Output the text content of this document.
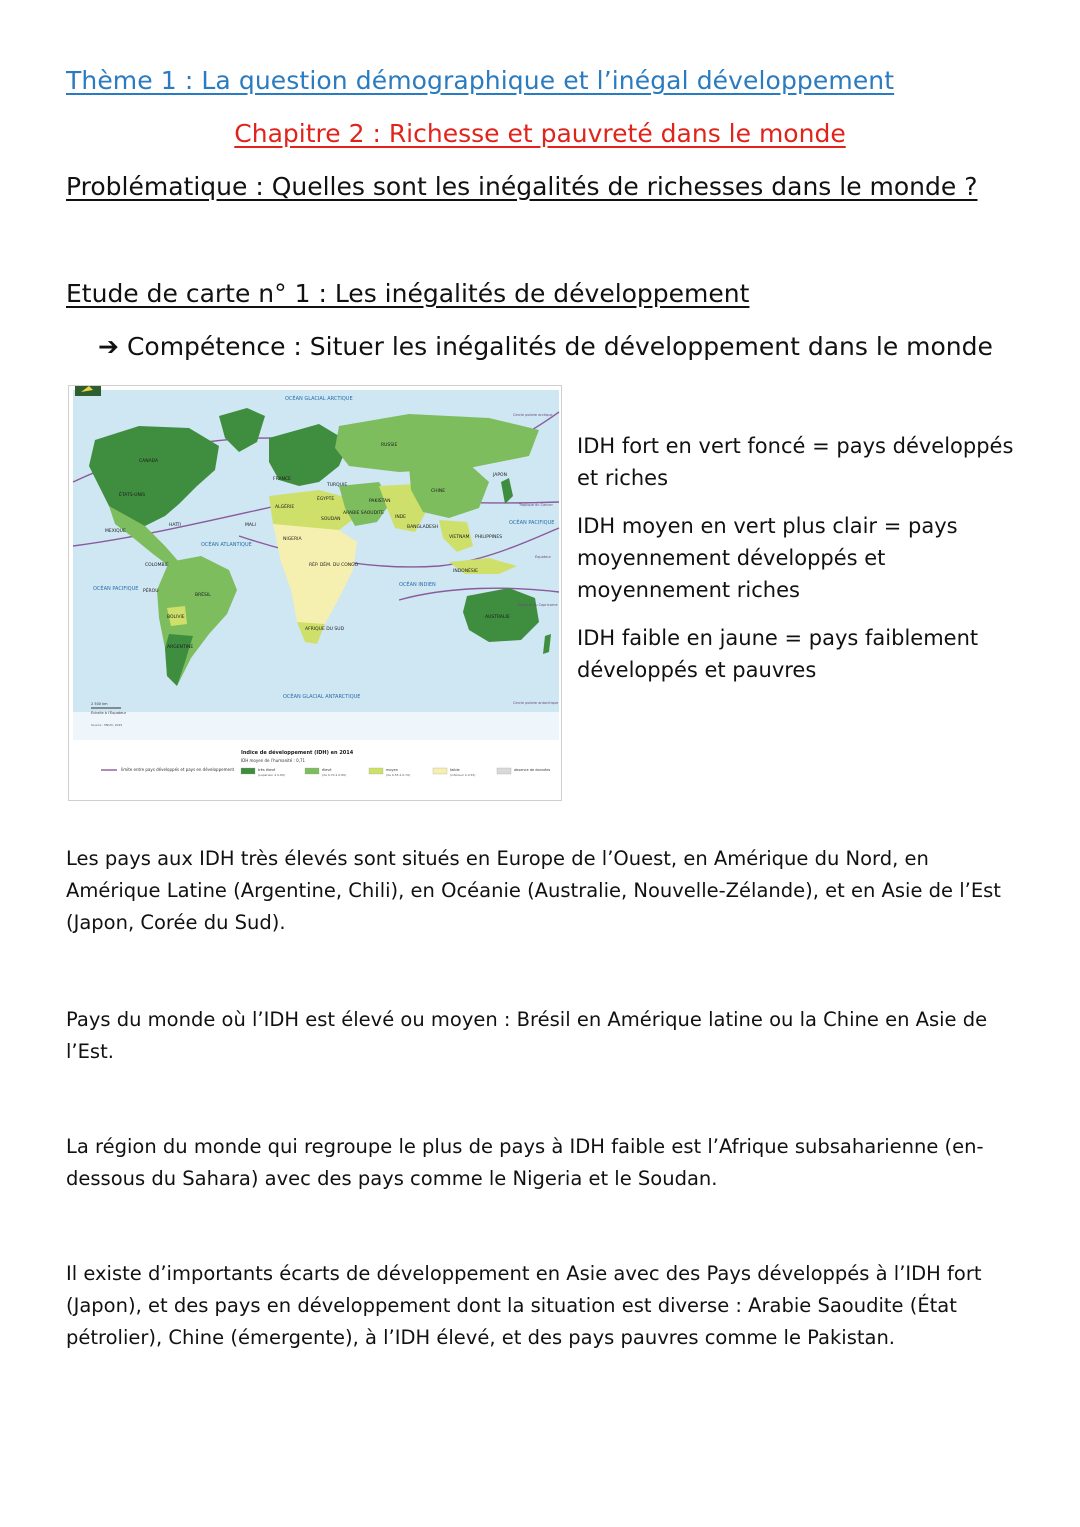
Thème 1 : La question démographique et l’inégal développement
Chapitre 2 : Richesse et pauvreté dans le monde
Problématique : Quelles sont les inégalités de richesses dans le monde ?
Etude de carte n° 1 : Les inégalités de développement
➔ Compétence : Situer les inégalités de développement dans le monde
OCÉAN GLACIAL ARCTIQUE
OCÉAN GLACIAL ANTARCTIQUE
OCÉAN ATLANTIQUE
OCÉAN PACIFIQUE
OCÉAN PACIFIQUE
OCÉAN INDIEN
CANADA
ÉTATS-UNIS
MEXIQUE
HAÏTI
COLOMBIE
PÉROU
BRÉSIL
BOLIVIE
ARGENTINE
FRANCE
ALGÉRIE
MALI
NIGERIA
ÉGYPTE
SOUDAN
ARABIE SAOUDITE
RÉP. DÉM. DU CONGO
AFRIQUE DU SUD
TURQUIE
RUSSIE
PAKISTAN
INDE
CHINE
JAPON
BANGLADESH
VIETNAM PHILIPPINES
INDONÉSIE
AUSTRALIE
Cercle polaire arctique
Tropique du Cancer
Équateur
Tropique du Capricorne
Cercle polaire antarctique
2 500 km
Échelle à l’Équateur
Source : PNUD, 2015
limite entre pays développés et pays en développement
Indice de développement (IDH) en 2014
IDH moyen de l’humanité : 0,71
très élevé
(supérieur à 0,80)
élevé
(de 0,70 à 0,80)
moyen
(de 0,55 à 0,70)
faible
(inférieur à 0,55)
absence de données
IDH fort en vert foncé = pays développés et riches
IDH moyen en vert plus clair = pays moyennement développés et moyennement riches
IDH faible en jaune = pays faiblement développés et pauvres
Les pays aux IDH très élevés sont situés en Europe de l’Ouest, en Amérique du Nord, en Amérique Latine (Argentine, Chili), en Océanie (Australie, Nouvelle-Zélande), et en Asie de l’Est (Japon, Corée du Sud).
Pays du monde où l’IDH est élevé ou moyen : Brésil en Amérique latine ou la Chine en Asie de l’Est.
La région du monde qui regroupe le plus de pays à IDH faible est l’Afrique subsaharienne (en-dessous du Sahara) avec des pays comme le Nigeria et le Soudan.
Il existe d’importants écarts de développement en Asie avec des Pays développés à l’IDH fort (Japon), et des pays en développement dont la situation est diverse : Arabie Saoudite (État pétrolier), Chine (émergente), à l’IDH élevé, et des pays pauvres comme le Pakistan.
